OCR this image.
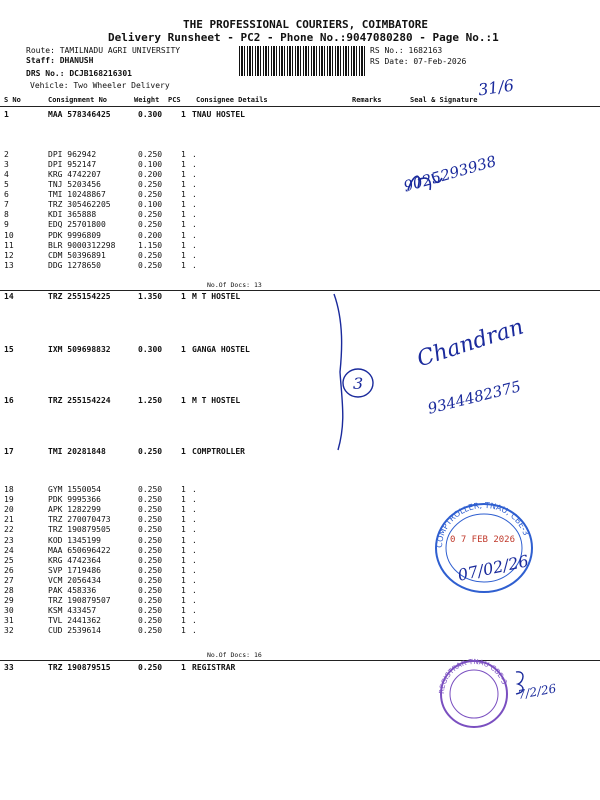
THE PROFESSIONAL COURIERS, COIMBATORE
Delivery Runsheet - PC2 - Phone No.:9047080280 - Page No.:1
Route: TAMILNADU AGRI UNIVERSITY
Staff: DHANUSH
DRS No.: DCJB168216301
Vehicle: Two Wheeler Delivery
RS No.: 1682163
RS Date: 07-Feb-2026
31/6
S No	Consignment No	Weight PCS Consignee Details	Remarks	Seal & Signature
1	MAA 578346425	0.300 1 TNAU HOSTEL
2	DPI 962942	0.250 1 .
3	DPI 952147	0.100 1 .
4	KRG 4742207	0.200 1 .
5	TNJ 5203456	0.250 1 .
6	TMI 10248867	0.250 1 .
7	TRZ 305462205	0.100 1 .
8	KDI 365888	0.250 1 .
9	EDQ 25701800	0.250 1 .
10	PDK 9996809	0.200 1 .
11	BLR 9000312298	1.150 1 .
12	CDM 50396891	0.250 1 .
13	DDG 1278650	0.250 1 .
14	TRZ 255154225	1.350 1 M T HOSTEL
15	IXM 509698832	0.300 1 GANGA HOSTEL
16	TRZ 255154224	1.250 1 M T HOSTEL
17	TMI 20281848	0.250 1 COMPTROLLER
18	GYM 1550054	0.250 1 .
19	PDK 9995366	0.250 1 .
20	APK 1282299	0.250 1 .
21	TRZ 270070473	0.250 1 .
22	TRZ 190879505	0.250 1 .
23	KOD 1345199	0.250 1 .
24	MAA 650696422	0.250 1 .
25	KRG 4742364	0.250 1 .
26	SVP 1719486	0.250 1 .
27	VCM 2056434	0.250 1 .
28	PAK 458336	0.250 1 .
29	TRZ 190879507	0.250 1 .
30	KSM 433457	0.250 1 .
31	TVL 2441362	0.250 1 .
32	CUD 2539614	0.250 1 .
33	TRZ 190879515	0.250 1 REGISTRAR
No.Of Docs: 13
No.Of Docs: 16
9025293938
3
Chandran
9344482375
COMPTROLLER, TNAU, CBE-3
0 7 FEB 2026
07/02/26
REGISTRAR TNAU CBE-3 7/2/26
